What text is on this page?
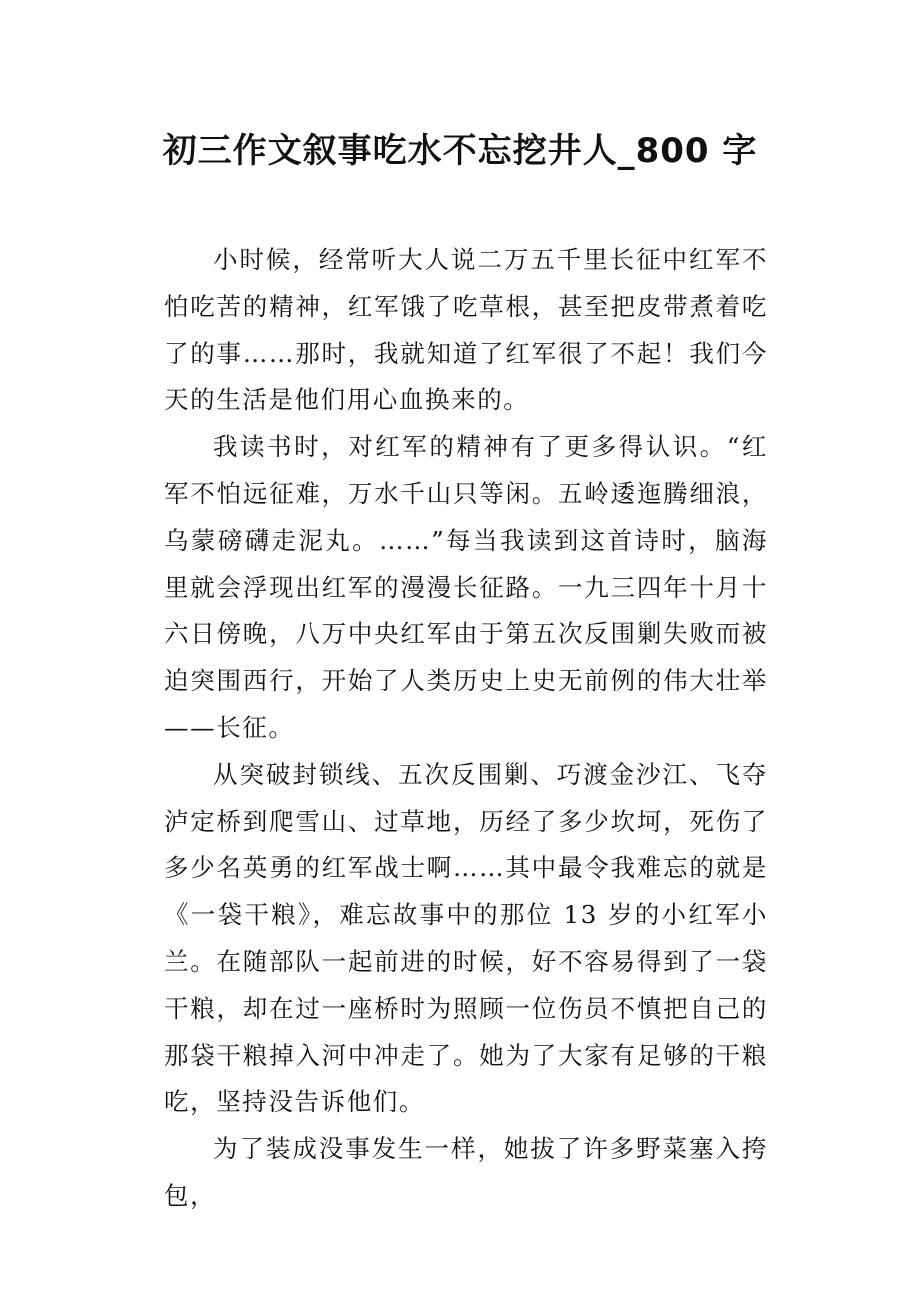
初三作文叙事吃水不忘挖井人_800 字

小时候，经常听大人说二万五千里长征中红军不怕吃苦的精神，红军饿了吃草根，甚至把皮带煮着吃了的事……那时，我就知道了红军很了不起！我们今天的生活是他们用心血换来的。

我读书时，对红军的精神有了更多得认识。“红军不怕远征难，万水千山只等闲。五岭逶迤腾细浪，乌蒙磅礴走泥丸。……”每当我读到这首诗时，脑海里就会浮现出红军的漫漫长征路。一九三四年十月十六日傍晚，八万中央红军由于第五次反围剿失败而被迫突围西行，开始了人类历史上史无前例的伟大壮举——长征。

从突破封锁线、五次反围剿、巧渡金沙江、飞夺泸定桥到爬雪山、过草地，历经了多少坎坷，死伤了多少名英勇的红军战士啊……其中最令我难忘的就是《一袋干粮》，难忘故事中的那位 13 岁的小红军小兰。在随部队一起前进的时候，好不容易得到了一袋干粮，却在过一座桥时为照顾一位伤员不慎把自己的那袋干粮掉入河中冲走了。她为了大家有足够的干粮吃，坚持没告诉他们。

为了装成没事发生一样，她拔了许多野菜塞入挎包，
